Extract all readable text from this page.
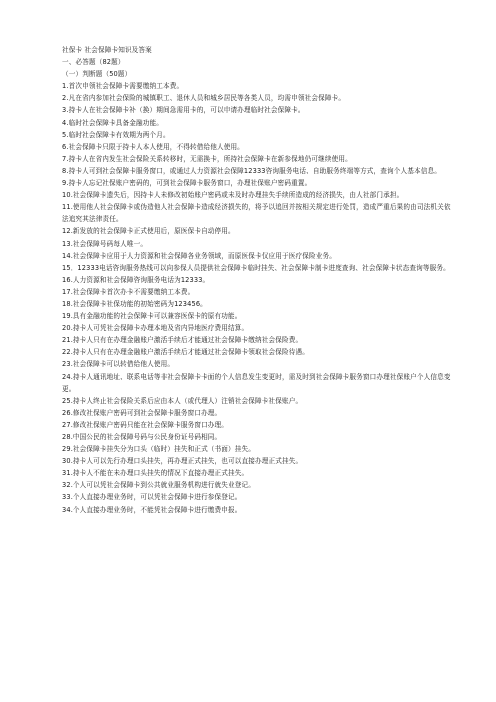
社保卡 社会保障卡知识及答案
一、必答题（82题）
（一）判断题（50题）
1.首次申领社会保障卡需要缴纳工本费。
2.凡在省内参加社会保险的城镇职工、退休人员和城乡居民等各类人员，均需申领社会保障卡。
3.持卡人在社会保障卡补（换）期间急需用卡的，可以申请办理临时社会保障卡。
4.临时社会保障卡具备金融功能。
5.临时社会保障卡有效期为两个月。
6.社会保障卡只限于持卡人本人使用，不得转借给他人使用。
7.持卡人在省内发生社会保险关系转移时，无需换卡，所持社会保障卡在新参保地仍可继续使用。
8.持卡人可到社会保障卡服务窗口，或通过人力资源社会保障12333咨询服务电话、自助服务终端等方式，查询个人基本信息。
9.持卡人忘记社保账户密码的，可到社会保障卡服务窗口，办理社保账户密码重置。
10.社会保障卡遗失后，因持卡人未修改初始账户密码或未及时办理挂失手续所造成的经济损失，由人社部门承担。
11.使用他人社会保障卡或伪造他人社会保障卡造成经济损失的，将予以追回并按相关规定进行处罚，造成严重后果的由司法机关依法追究其法律责任。
12.新发放的社会保障卡正式使用后，原医保卡自动停用。
13.社会保障号码每人唯一。
14.社会保障卡应用于人力资源和社会保障各业务领域，而原医保卡仅应用于医疗保险业务。
15．12333电话咨询服务热线可以向参保人员提供社会保障卡临时挂失、社会保障卡制卡进度查询、社会保障卡状态查询等服务。
16.人力资源和社会保障咨询服务电话为12333。
17.社会保障卡首次办卡不需要缴纳工本费。
18.社会保障卡社保功能的初始密码为123456。
19.具有金融功能的社会保障卡可以兼容医保卡的原有功能。
20.持卡人可凭社会保障卡办理本地及省内异地医疗费用结算。
21.持卡人只有在办理金融账户激活手续后才能通过社会保障卡缴纳社会保险费。
22.持卡人只有在办理金融账户激活手续后才能通过社会保障卡领取社会保险待遇。
23.社会保障卡可以转借给他人使用。
24.持卡人通讯地址、联系电话等非社会保障卡卡面的个人信息发生变更时，需及时到社会保障卡服务窗口办理社保账户个人信息变更。
25.持卡人终止社会保险关系后应由本人（或代理人）注销社会保障卡社保账户。
26.修改社保账户密码可到社会保障卡服务窗口办理。
27.修改社保账户密码只能在社会保障卡服务窗口办理。
28.中国公民的社会保障号码与公民身份证号码相同。
29.社会保障卡挂失分为口头（临时）挂失和正式（书面）挂失。
30.持卡人可以先行办理口头挂失，再办理正式挂失，也可以直接办理正式挂失。
31.持卡人不能在未办理口头挂失的情况下直接办理正式挂失。
32.个人可以凭社会保障卡到公共就业服务机构进行就失业登记。
33.个人直接办理业务时，可以凭社会保障卡进行参保登记。
34.个人直接办理业务时，不能凭社会保障卡进行缴费申报。
